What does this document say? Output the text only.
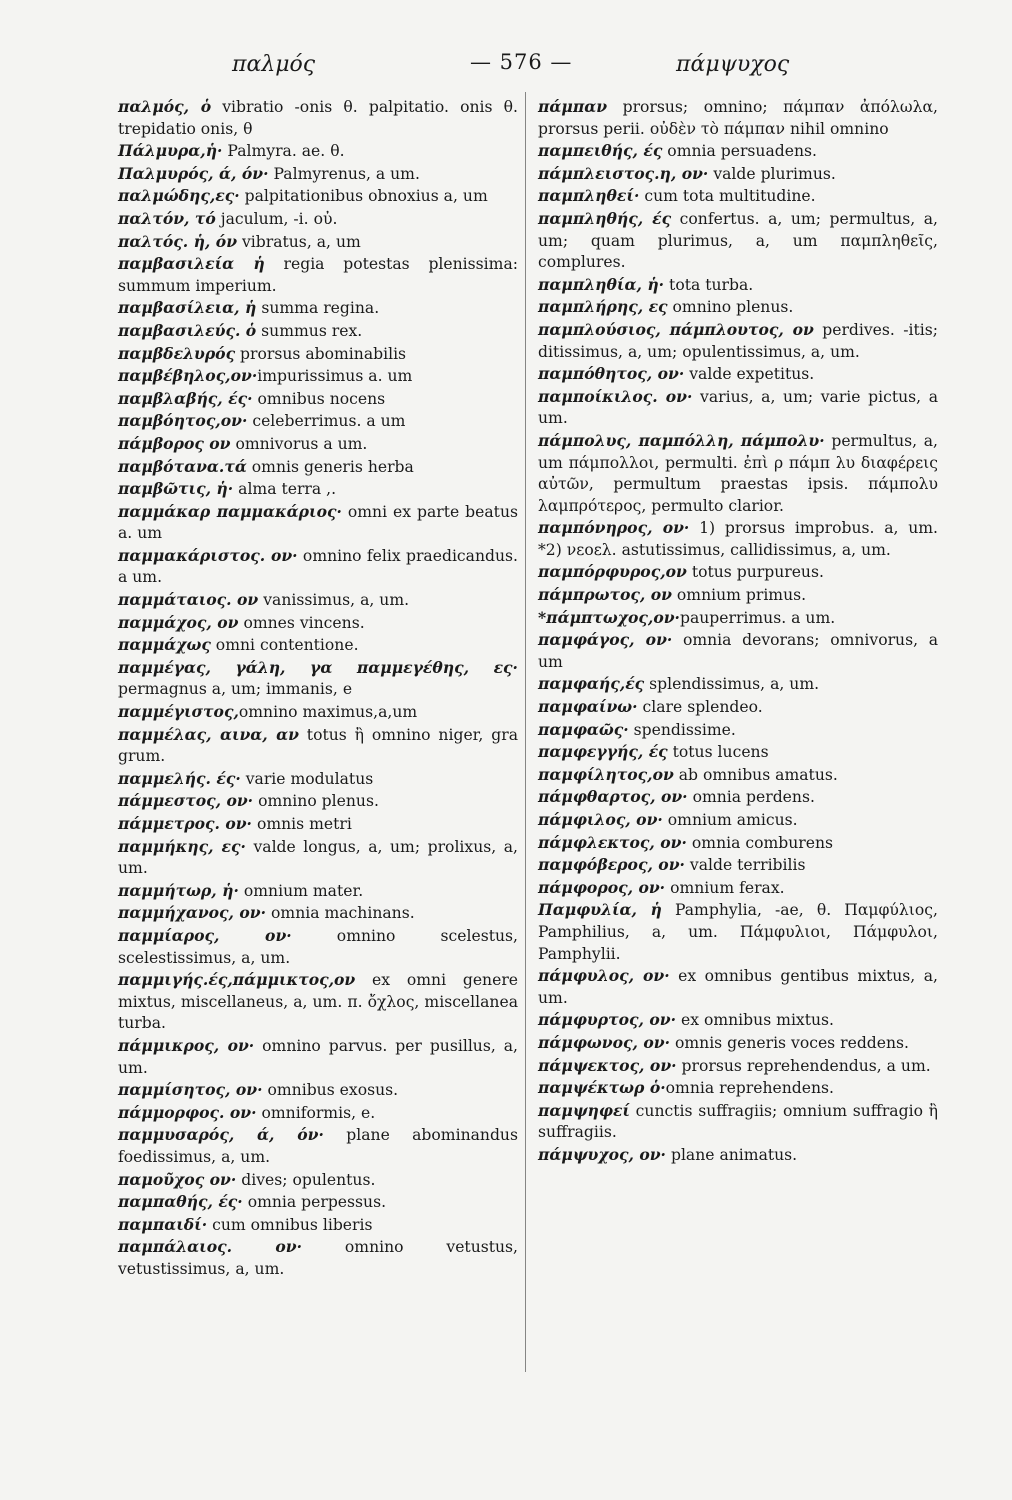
παλμός	— 576 —	πάμψυχος

παλμός, ὁ vibratio -onis θ. palpitatio. onis θ. trepidatio onis, θ

Πάλμυρα,ἡ· Palmyra. ae. θ.

Παλμυρός, ά, όν· Palmyrenus, a um.

παλμώδης,ες· palpitationibus obnoxius a, um

παλτόν, τό jaculum, -i. oὐ.

παλτός. ἡ, όν vibratus, a, um

παμβασιλεία ἡ regia potestas plenissima: summum imperium.

παμβασίλεια, ἡ summa regina.

παμβασιλεύς. ὁ summus rex.

παμβδελυρός prorsus abominabilis

παμβέβηλος,ον·impurissimus a. um

παμβλαβής, ές· omnibus nocens

παμβόητος,ον· celeberrimus. a um

πάμβορος ον omnivorus a um.

παμβότανα.τά omnis generis herba

παμβῶτις, ἡ· alma terra ,.

παμμάκαρ παμμακάριος· omni ex parte beatus a. um

παμμακάριστος. ον· omnino felix praedicandus. a um.

παμμάταιος. ον vanissimus, a, um.

παμμάχος, ον omnes vincens.

παμμάχως omni contentione.

παμμέγας, γάλη, γα παμμεγέθης, ες· permagnus a, um; immanis, e

παμμέγιστος,omnino maximus,a,um

παμμέλας, αινα, αν totus ἢ omnino niger, gra grum.

παμμελής. ές· varie modulatus

πάμμεστος, ον· omnino plenus.

πάμμετρος. ον· omnis metri

παμμήκης, ες· valde longus, a, um; prolixus, a, um.

παμμήτωρ, ἡ· omnium mater.

παμμήχανος, ον· omnia machinans.

παμμίαρος, ον· omnino scelestus, scelestissimus, a, um.

παμμιγής.ές,πάμμικτος,ον ex omni genere mixtus, miscellaneus, a, um. π. ὄχλος, miscellanea turba.

πάμμικρος, ον· omnino parvus. per pusillus, a, um.

παμμίσητος, ον· omnibus exosus.

πάμμορφος. ον· omniformis, e.

παμμυσαρός, ά, όν· plane abominandus foedissimus, a, um.

παμοῦχος ον· dives; opulentus.

παμπαθής, ές· omnia perpessus.

παμπαιδί· cum omnibus liberis

παμπάλαιος. ον· omnino vetustus, vetustissimus, a, um.

πάμπαν prorsus; omnino; πάμπαν ἀπόλωλα, prorsus perii. οὐδὲν τὸ πάμπαν nihil omnino

παμπειθής, ές omnia persuadens.

πάμπλειστος.η, ον· valde plurimus.

παμπληθεί· cum tota multitudine.

παμπληθής, ές confertus. a, um; permultus, a, um; quam plurimus, a, um παμπληθεῖς, complures.

παμπληθία, ἡ· tota turba.

παμπλήρης, ες omnino plenus.

παμπλούσιος, πάμπλουτος, ον perdives. -itis; ditissimus, a, um; opulentissimus, a, um.

παμπόθητος, ον· valde expetitus.

παμποίκιλος. ον· varius, a, um; varie pictus, a um.

πάμπολυς, παμπόλλη, πάμπολυ· permultus, a, um πάμπολλοι, permulti. ἐπὶ ρ πάμπ λυ διαφέρεις αὐτῶν, permultum praestas ipsis. πάμπολυ λαμπρότερος, permulto clarior.

παμπόνηρος, ον· 1) prorsus improbus. a, um. *2) νεοελ. astutissimus, callidissimus, a, um.

παμπόρφυρος,ον totus purpureus.

πάμπρωτος, ον omnium primus.

*πάμπτωχος,ον·pauperrimus. a um.

παμφάγος, ον· omnia devorans; omnivorus, a um

παμφαής,ές splendissimus, a, um.

παμφαίνω· clare splendeo.

παμφαῶς· spendissime.

παμφεγγής, ές totus lucens

παμφίλητος,ον ab omnibus amatus.

πάμφθαρτος, ον· omnia perdens.

πάμφιλος, ον· omnium amicus.

πάμφλεκτος, ον· omnia comburens

παμφόβερος, ον· valde terribilis

πάμφορος, ον· omnium ferax.

Παμφυλία, ἡ Pamphylia, -ae, θ. Παμφύλιος, Pamphilius, a, um. Πάμφυλιοι, Πάμφυλοι, Pamphylii.

πάμφυλος, ον· ex omnibus gentibus mixtus, a, um.

πάμφυρτος, ον· ex omnibus mixtus.

πάμφωνος, ον· omnis generis voces reddens.

πάμψεκτος, ον· prorsus reprehendendus, a um.

παμψέκτωρ ὁ·omnia reprehendens.

παμψηφεί cunctis suffragiis; omnium suffragio ἢ suffragiis.

πάμψυχος, ον· plane animatus.
